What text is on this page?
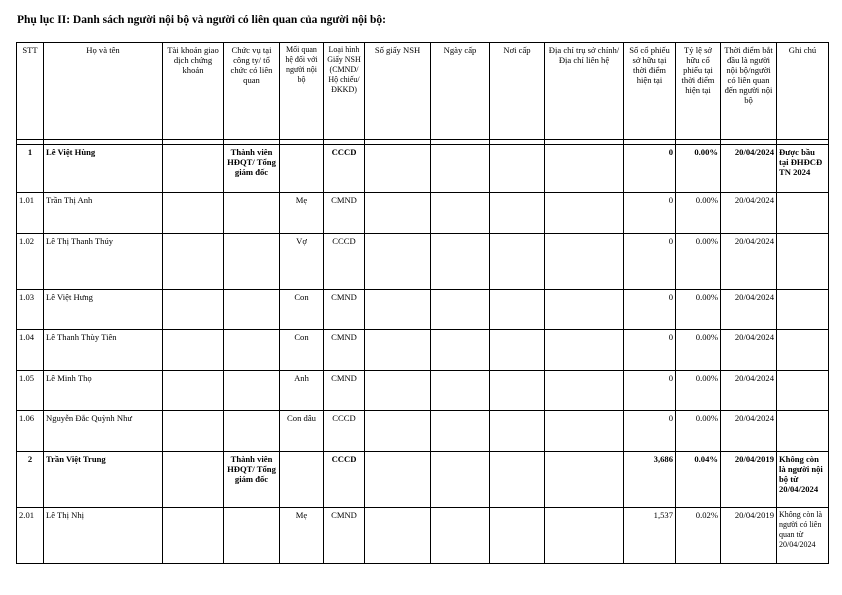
Phụ lục II: Danh sách người nội bộ và người có liên quan của người nội bộ:
STT	Họ và tên	Tài khoản giao dịch chứng khoán	Chức vụ tại công ty/ tổ chức có liên quan	Mối quan hệ đối với người nội bộ	Loại hình Giấy NSH (CMND/ Hộ chiếu/ ĐKKD)	Số giấy NSH	Ngày cấp	Nơi cấp	Địa chỉ trụ sở chính/Địa chỉ liên hệ	Số cổ phiếu sở hữu tại thời điểm hiện tại	Tỷ lệ sở hữu cổ phiếu tại thời điểm hiện tại	Thời điểm bắt đầu là người nội bộ/người có liên quan đến người nội bộ	Ghi chú

1	Lê Việt Hùng		Thành viên HĐQT/ Tổng giám đốc		CCCD					0	0.00%	20/04/2024	Được bầu tại ĐHĐCĐ TN 2024
1.01	Trần Thị Anh			Mẹ	CMND					0	0.00%	20/04/2024	
1.02	Lê Thị Thanh Thúy			Vợ	CCCD					0	0.00%	20/04/2024	
1.03	Lê Việt Hưng			Con	CMND					0	0.00%	20/04/2024	
1.04	Lê Thanh Thùy Tiên			Con	CMND					0	0.00%	20/04/2024	
1.05	Lê Minh Thọ			Anh	CMND					0	0.00%	20/04/2024	
1.06	Nguyễn Đắc Quỳnh Như			Con dâu	CCCD					0	0.00%	20/04/2024	
2	Trần Việt Trung		Thành viên HĐQT/ Tổng giám đốc		CCCD					3,686	0.04%	20/04/2019	Không còn là người nội bộ từ 20/04/2024
2.01	Lê Thị Nhị			Mẹ	CMND					1,537	0.02%	20/04/2019	Không còn là người có liên quan từ 20/04/2024
